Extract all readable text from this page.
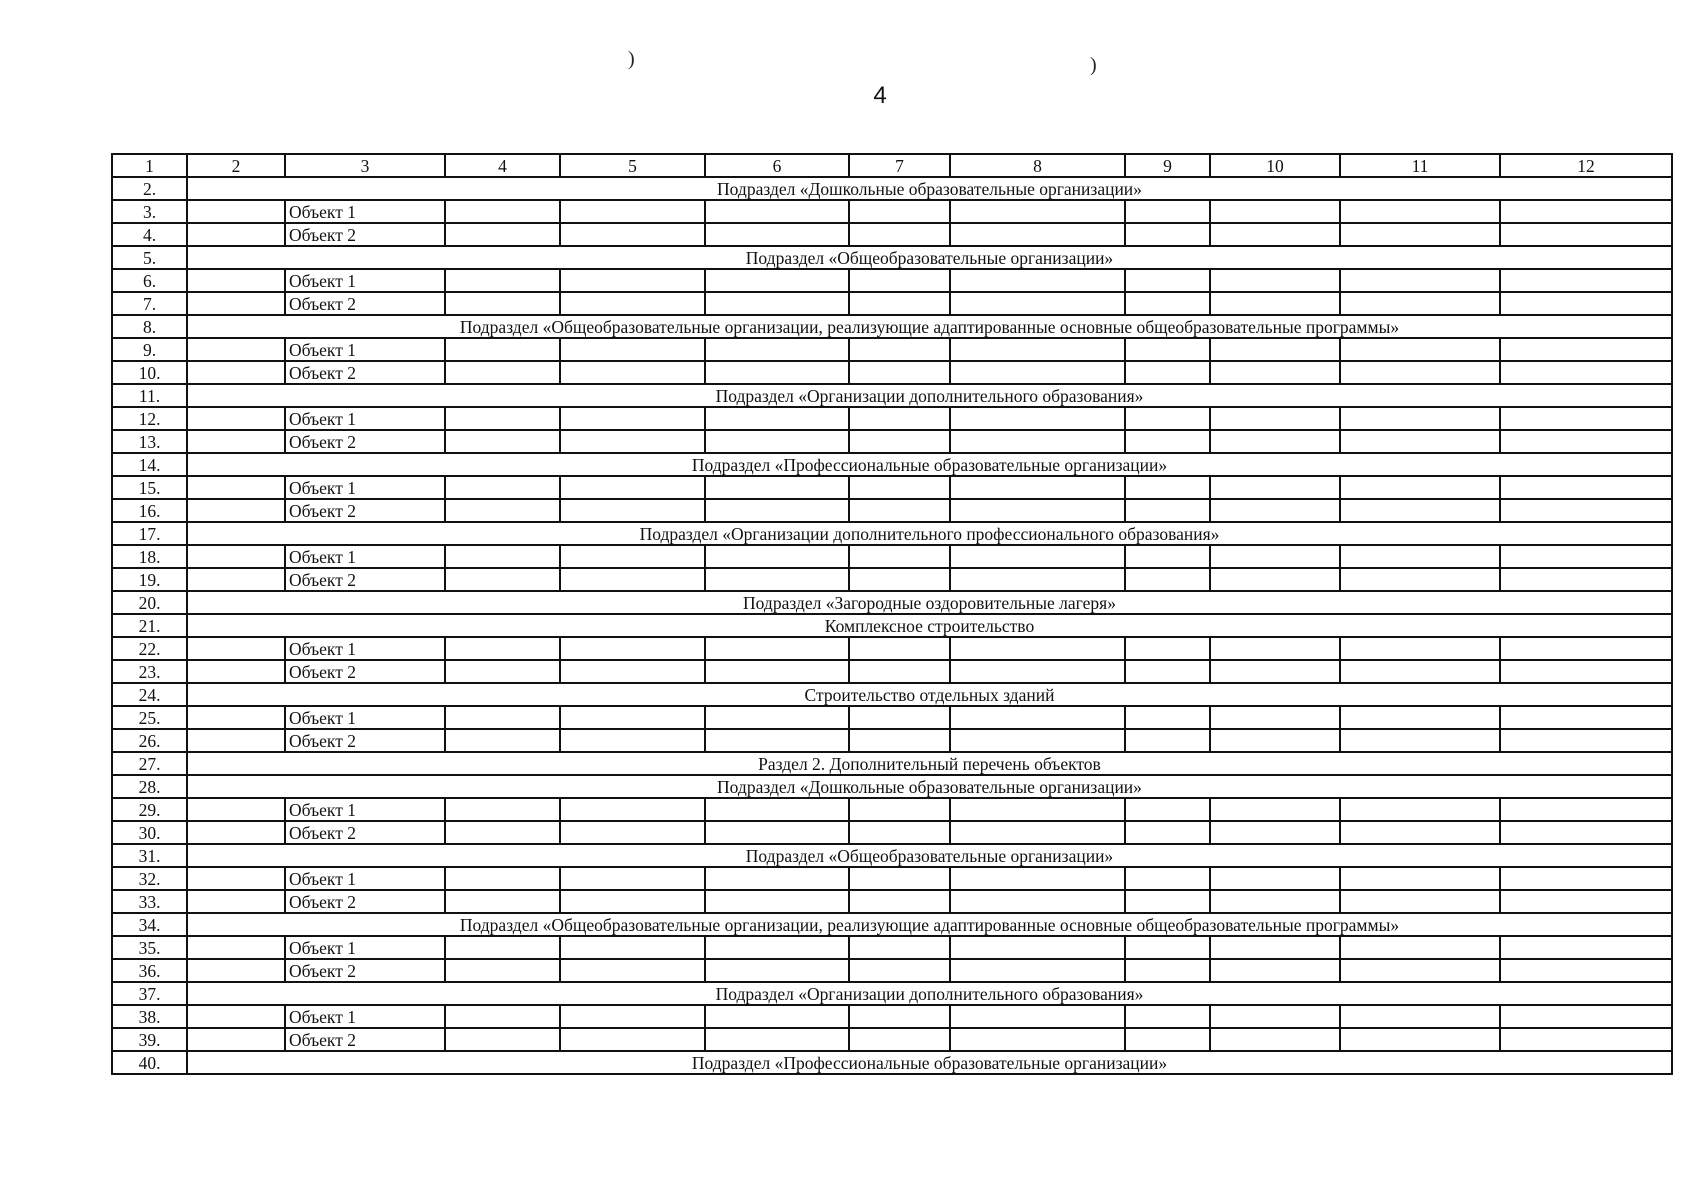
)	)
4
1	2	3	4	5	6	7	8	9	10	11	12
2.	Подраздел «Дошкольные образовательные организации»										
3.		Объект 1									
4.		Объект 2									
5.	Подраздел «Общеобразовательные организации»										
6.		Объект 1									
7.		Объект 2									
8.	Подраздел «Общеобразовательные организации, реализующие адаптированные основные общеобразовательные программы»										
9.		Объект 1									
10.		Объект 2									
11.	Подраздел «Организации дополнительного образования»										
12.		Объект 1									
13.		Объект 2									
14.	Подраздел «Профессиональные образовательные организации»										
15.		Объект 1									
16.		Объект 2									
17.	Подраздел «Организации дополнительного профессионального образования»										
18.		Объект 1									
19.		Объект 2									
20.	Подраздел «Загородные оздоровительные лагеря»										
21.	Комплексное строительство										
22.		Объект 1									
23.		Объект 2									
24.	Строительство отдельных зданий										
25.		Объект 1									
26.		Объект 2									
27.	Раздел 2. Дополнительный перечень объектов										
28.	Подраздел «Дошкольные образовательные организации»										
29.		Объект 1									
30.		Объект 2									
31.	Подраздел «Общеобразовательные организации»										
32.		Объект 1									
33.		Объект 2									
34.	Подраздел «Общеобразовательные организации, реализующие адаптированные основные общеобразовательные программы»										
35.		Объект 1									
36.		Объект 2									
37.	Подраздел «Организации дополнительного образования»										
38.		Объект 1									
39.		Объект 2									
40.	Подраздел «Профессиональные образовательные организации»										
